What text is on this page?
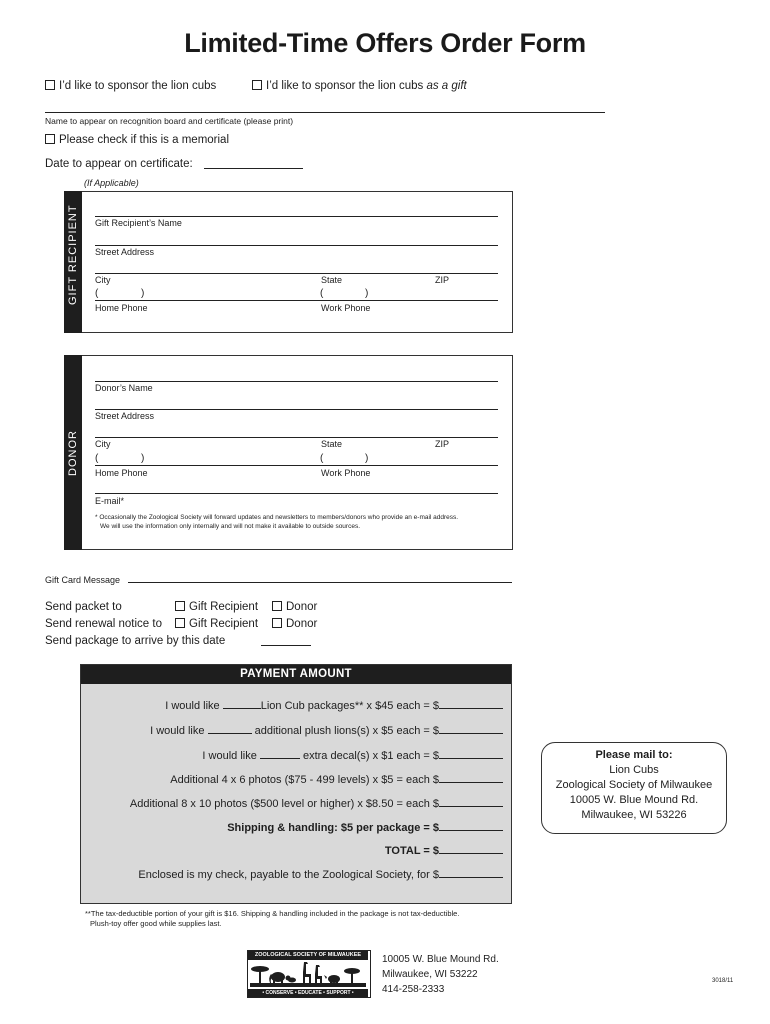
Limited-Time Offers Order Form
I’d like to sponsor the lion cubs	I’d like to sponsor the lion cubs as a gift
Name to appear on recognition board and certificate (please print)
Please check if this is a memorial
Date to appear on certificate:
(If Applicable)
GIFT RECIPIENT Gift Recipient’s Name
Street Address
City	State	ZIP
(	)	(	)
Home Phone	Work Phone
DONOR
Donor’s Name
Street Address
City	State	ZIP
(	)	(	)
Home Phone	Work Phone
E-mail*
* Occasionally the Zoological Society will forward updates and newsletters to members/donors who provide an e-mail address.
We will use the information only internally and will not make it available to outside sources.
Gift Card Message
Send packet to	Gift Recipient	Donor
Send renewal notice to	Gift Recipient	Donor
Send package to arrive by this date
PAYMENT AMOUNT
I would like	Lion Cub packages** x $45 each = $
I would like	additional plush lions(s) x $5 each = $
I would like	extra decal(s) x $1 each = $
Additional 4 x 6 photos ($75 - 499 levels) x $5 = each $
Additional 8 x 10 photos ($500 level or higher) x $8.50 = each $
Shipping & handling: $5 per package = $
TOTAL = $
Enclosed is my check, payable to the Zoological Society, for $
Please mail to:
Lion Cubs
Zoological Society of Milwaukee
10005 W. Blue Mound Rd.
Milwaukee, WI 53226
**The tax-deductible portion of your gift is $16. Shipping & handling included in the package is not tax-deductible.
Plush-toy offer good while supplies last.
ZOOLOGICAL SOCIETY OF MILWAUKEE
• CONSERVE • EDUCATE • SUPPORT •
10005 W. Blue Mound Rd.
Milwaukee, WI 53222
414-258-2333
3018/11
